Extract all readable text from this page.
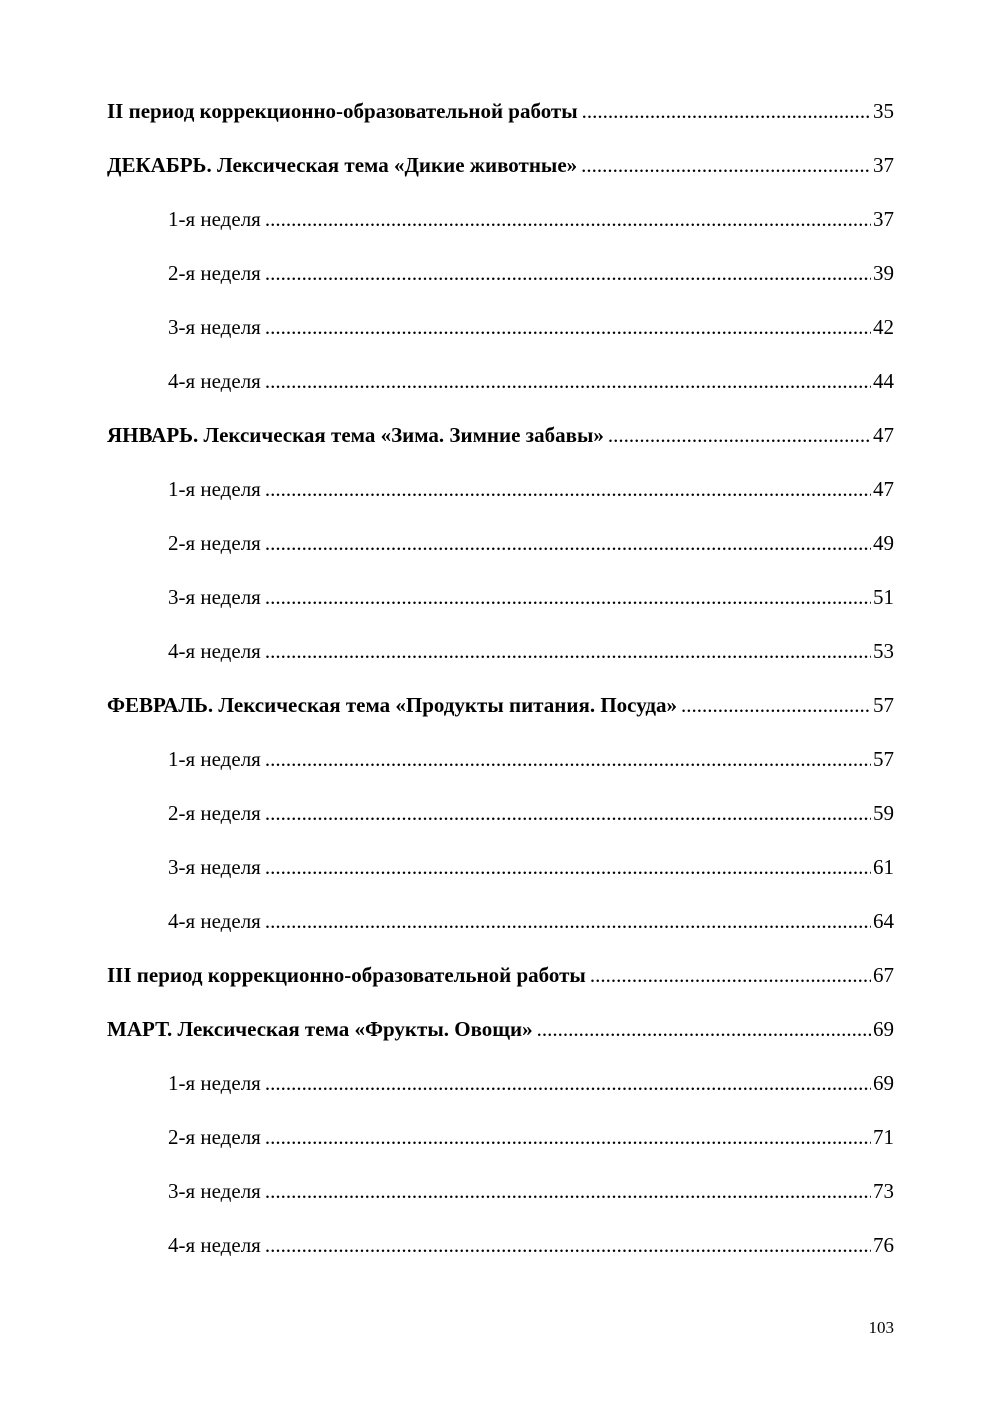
II период коррекционно-образовательной работы .....	35
ДЕКАБРЬ. Лексическая тема «Дикие животные» .....	37
1-я неделя .....	37
2-я неделя .....	39
3-я неделя .....	42
4-я неделя .....	44
ЯНВАРЬ. Лексическая тема «Зима. Зимние забавы» .....	47
1-я неделя .....	47
2-я неделя .....	49
3-я неделя .....	51
4-я неделя .....	53
ФЕВРАЛЬ. Лексическая тема «Продукты питания. Посуда» .....	57
1-я неделя .....	57
2-я неделя .....	59
3-я неделя .....	61
4-я неделя .....	64
III период коррекционно-образовательной работы .....	67
МАРТ. Лексическая тема «Фрукты. Овощи» .....	69
1-я неделя .....	69
2-я неделя .....	71
3-я неделя .....	73
4-я неделя .....	76
103
